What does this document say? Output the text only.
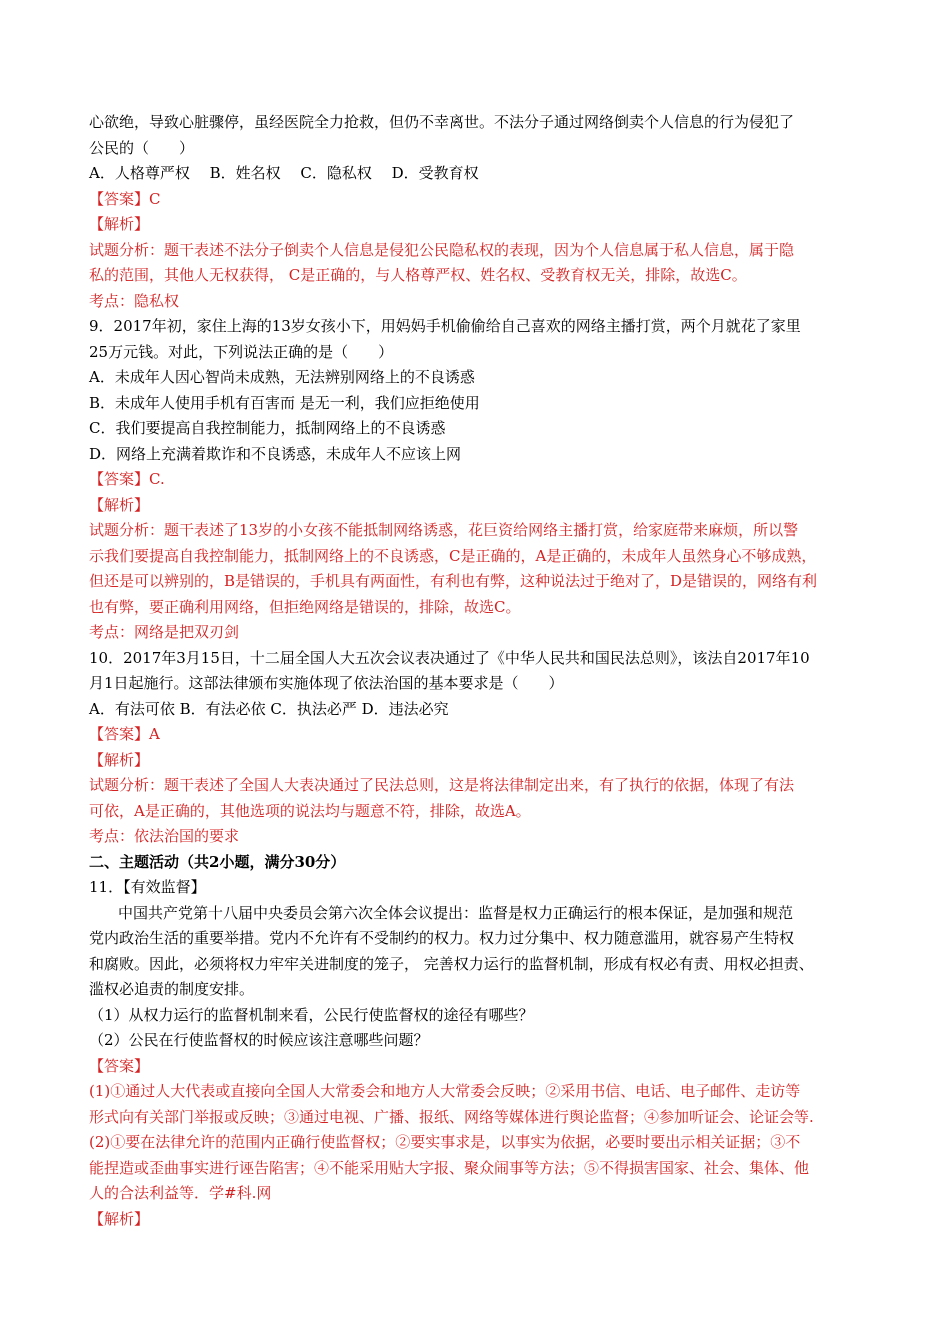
心欲绝，导致心脏骤停，虽经医院全力抢救，但仍不幸离世。不法分子通过网络倒卖个人信息的行为侵犯了
公民的（　　）
A．人格尊严权　 B．姓名权　 C．隐私权　 D．受教育权
【答案】C
【解析】
试题分析：题干表述不法分子倒卖个人信息是侵犯公民隐私权的表现，因为个人信息属于私人信息，属于隐
私的范围，其他人无权获得， C是正确的，与人格尊严权、姓名权、受教育权无关，排除，故选C。
考点：隐私权
9．2017年初，家住上海的13岁女孩小下，用妈妈手机偷偷给自己喜欢的网络主播打赏，两个月就花了家里
25万元钱。对此，下列说法正确的是（　　）
A．未成年人因心智尚未成熟，无法辨别网络上的不良诱惑
B．未成年人使用手机有百害而 是无一利，我们应拒绝使用
C．我们要提高自我控制能力，抵制网络上的不良诱惑
D．网络上充满着欺诈和不良诱惑，未成年人不应该上网
【答案】C.
【解析】
试题分析：题干表述了13岁的小女孩不能抵制网络诱惑，花巨资给网络主播打赏，给家庭带来麻烦，所以警
示我们要提高自我控制能力，抵制网络上的不良诱惑，C是正确的，A是正确的，未成年人虽然身心不够成熟，
但还是可以辨别的，B是错误的，手机具有两面性，有利也有弊，这种说法过于绝对了，D是错误的，网络有利
也有弊，要正确利用网络，但拒绝网络是错误的，排除，故选C。
考点：网络是把双刃剑
10．2017年3月15日，十二届全国人大五次会议表决通过了《中华人民共和国民法总则》，该法自2017年10
月1日起施行。这部法律颁布实施体现了依法治国的基本要求是（　　）
A．有法可依 B．有法必依 C．执法必严 D．违法必究
【答案】A
【解析】
试题分析：题干表述了全国人大表决通过了民法总则，这是将法律制定出来，有了执行的依据，体现了有法
可依，A是正确的，其他选项的说法均与题意不符，排除，故选A。
考点：依法治国的要求
二、主题活动（共2小题，满分30分）
11．【有效监督】
中国共产党第十八届中央委员会第六次全体会议提出：监督是权力正确运行的根本保证，是加强和规范
党内政治生活的重要举措。党内不允许有不受制约的权力。权力过分集中、权力随意滥用，就容易产生特权
和腐败。因此，必须将权力牢牢关进制度的笼子， 完善权力运行的监督机制，形成有权必有责、用权必担责、
滥权必追责的制度安排。
（1）从权力运行的监督机制来看，公民行使监督权的途径有哪些？
（2）公民在行使监督权的时候应该注意哪些问题？
【答案】
(1)①通过人大代表或直接向全国人大常委会和地方人大常委会反映；②采用书信、电话、电子邮件、走访等
形式向有关部门举报或反映；③通过电视、广播、报纸、网络等媒体进行舆论监督；④参加听证会、论证会等.
(2)①要在法律允许的范围内正确行使监督权；②要实事求是，以事实为依据，必要时要出示相关证据；③不
能捏造或歪曲事实进行诬告陷害；④不能采用贴大字报、聚众闹事等方法；⑤不得损害国家、社会、集体、他
人的合法利益等．学#科.网
【解析】
